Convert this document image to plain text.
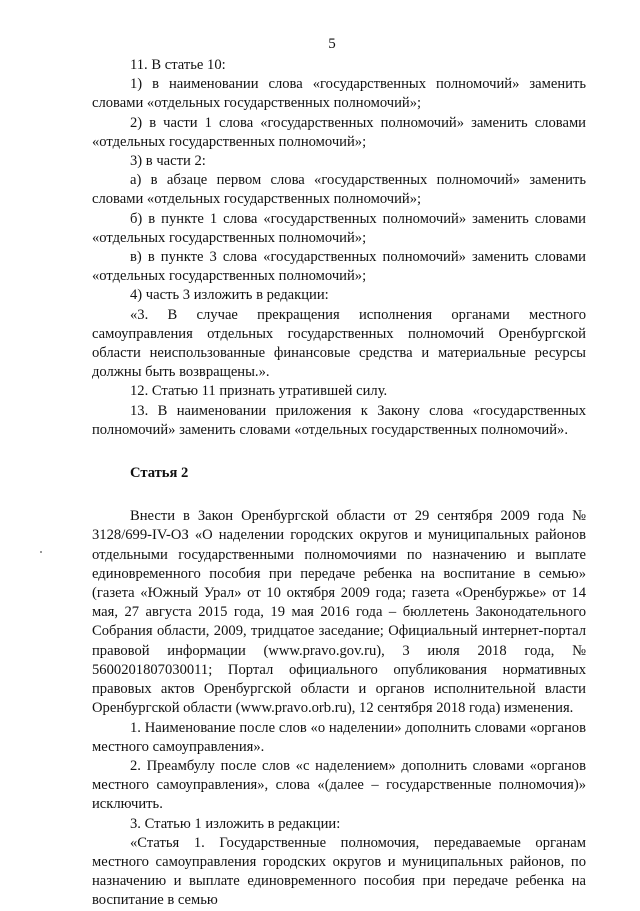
5

11. В статье 10:

1) в наименовании слова «государственных полномочий» заменить словами «отдельных государственных полномочий»;

2) в части 1 слова «государственных полномочий» заменить словами «отдельных государственных полномочий»;

3) в части 2:

а) в абзаце первом слова «государственных полномочий» заменить словами «отдельных государственных полномочий»;

б) в пункте 1 слова «государственных полномочий» заменить словами «отдельных государственных полномочий»;

в) в пункте 3 слова «государственных полномочий» заменить словами «отдельных государственных полномочий»;

4) часть 3 изложить в редакции:

«3. В случае прекращения исполнения органами местного самоуправления отдельных государственных полномочий Оренбургской области неиспользованные финансовые средства и материальные ресурсы должны быть возвращены.».

12. Статью 11 признать утратившей силу.

13. В наименовании приложения к Закону слова «государственных полномочий» заменить словами «отдельных государственных полномочий».

Статья 2

Внести в Закон Оренбургской области от 29 сентября 2009 года № 3128/699-IV-ОЗ «О наделении городских округов и муниципальных районов отдельными государственными полномочиями по назначению и выплате единовременного пособия при передаче ребенка на воспитание в семью» (газета «Южный Урал» от 10 октября 2009 года; газета «Оренбуржье» от 14 мая, 27 августа 2015 года, 19 мая 2016 года – бюллетень Законодательного Собрания области, 2009, тридцатое заседание; Официальный интернет-портал правовой информации (www.pravo.gov.ru), 3 июля 2018 года, № 5600201807030011; Портал официального опубликования нормативных правовых актов Оренбургской области и органов исполнительной власти Оренбургской области (www.pravo.orb.ru), 12 сентября 2018 года) изменения.

1. Наименование после слов «о наделении» дополнить словами «органов местного самоуправления».

2. Преамбулу после слов «с наделением» дополнить словами «органов местного самоуправления», слова «(далее – государственные полномочия)» исключить.

3. Статью 1 изложить в редакции:

«Статья 1. Государственные полномочия, передаваемые органам местного самоуправления городских округов и муниципальных районов, по назначению и выплате единовременного пособия при передаче ребенка на воспитание в семью
